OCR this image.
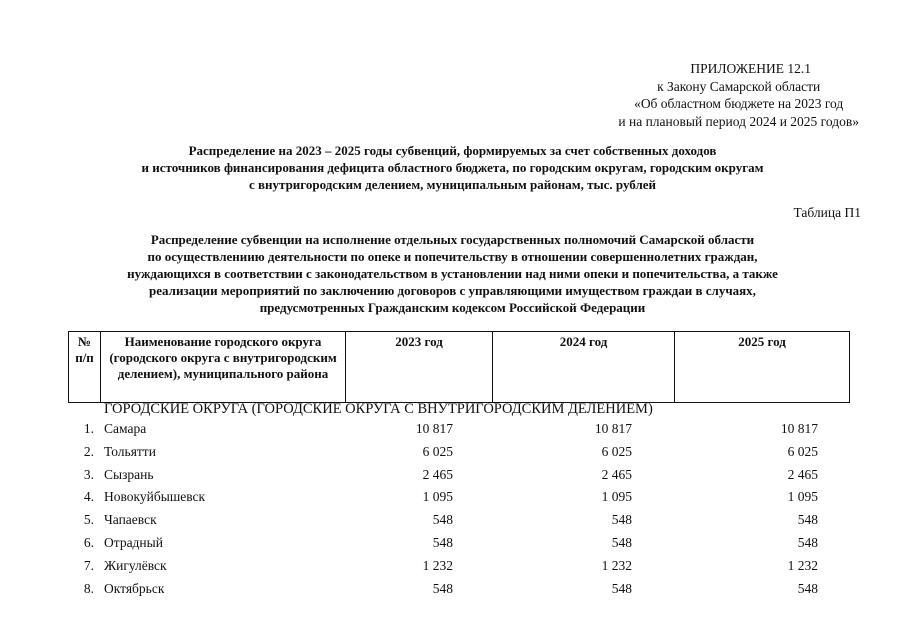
ПРИЛОЖЕНИЕ 12.1
к Закону Самарской области
«Об областном бюджете на 2023 год
и на плановый период 2024 и 2025 годов»
Распределение на 2023 – 2025 годы субвенций, формируемых за счет собственных доходов
и источников финансирования дефицита областного бюджета, по городским округам, городским округам
с внутригородским делением, муниципальным районам, тыс. рублей
Таблица П1
Распределение субвенции на исполнение отдельных государственных полномочий Самарской области
по осуществлениию деятельности по опеке и попечительству в отношении совершеннолетних граждан,
нуждающихся в соответствии с законодательством в установлении над ними опеки и попечительства, а также
реализации мероприятий по заключению договоров с управляющими имуществом граждаи в случаях,
предусмотренных Гражданским кодексом Российской Федерации
№ п/п	Наименование городского округа (городского округа с внутригородским делением), муниципального района	2023 год	2024 год	2025 год
ГОРОДСКИЕ ОКРУГА (ГОРОДСКИЕ ОКРУГА С ВНУТРИГОРОДСКИМ ДЕЛЕНИЕМ)
1. Самара	10 817	10 817	10 817
2. Тольятти	6 025	6 025	6 025
3. Сызрань	2 465	2 465	2 465
4. Новокуйбышевск	1 095	1 095	1 095
5. Чапаевск	548	548	548
6. Отрадный	548	548	548
7. Жигулёвск	1 232	1 232	1 232
8. Октябрьск	548	548	548
